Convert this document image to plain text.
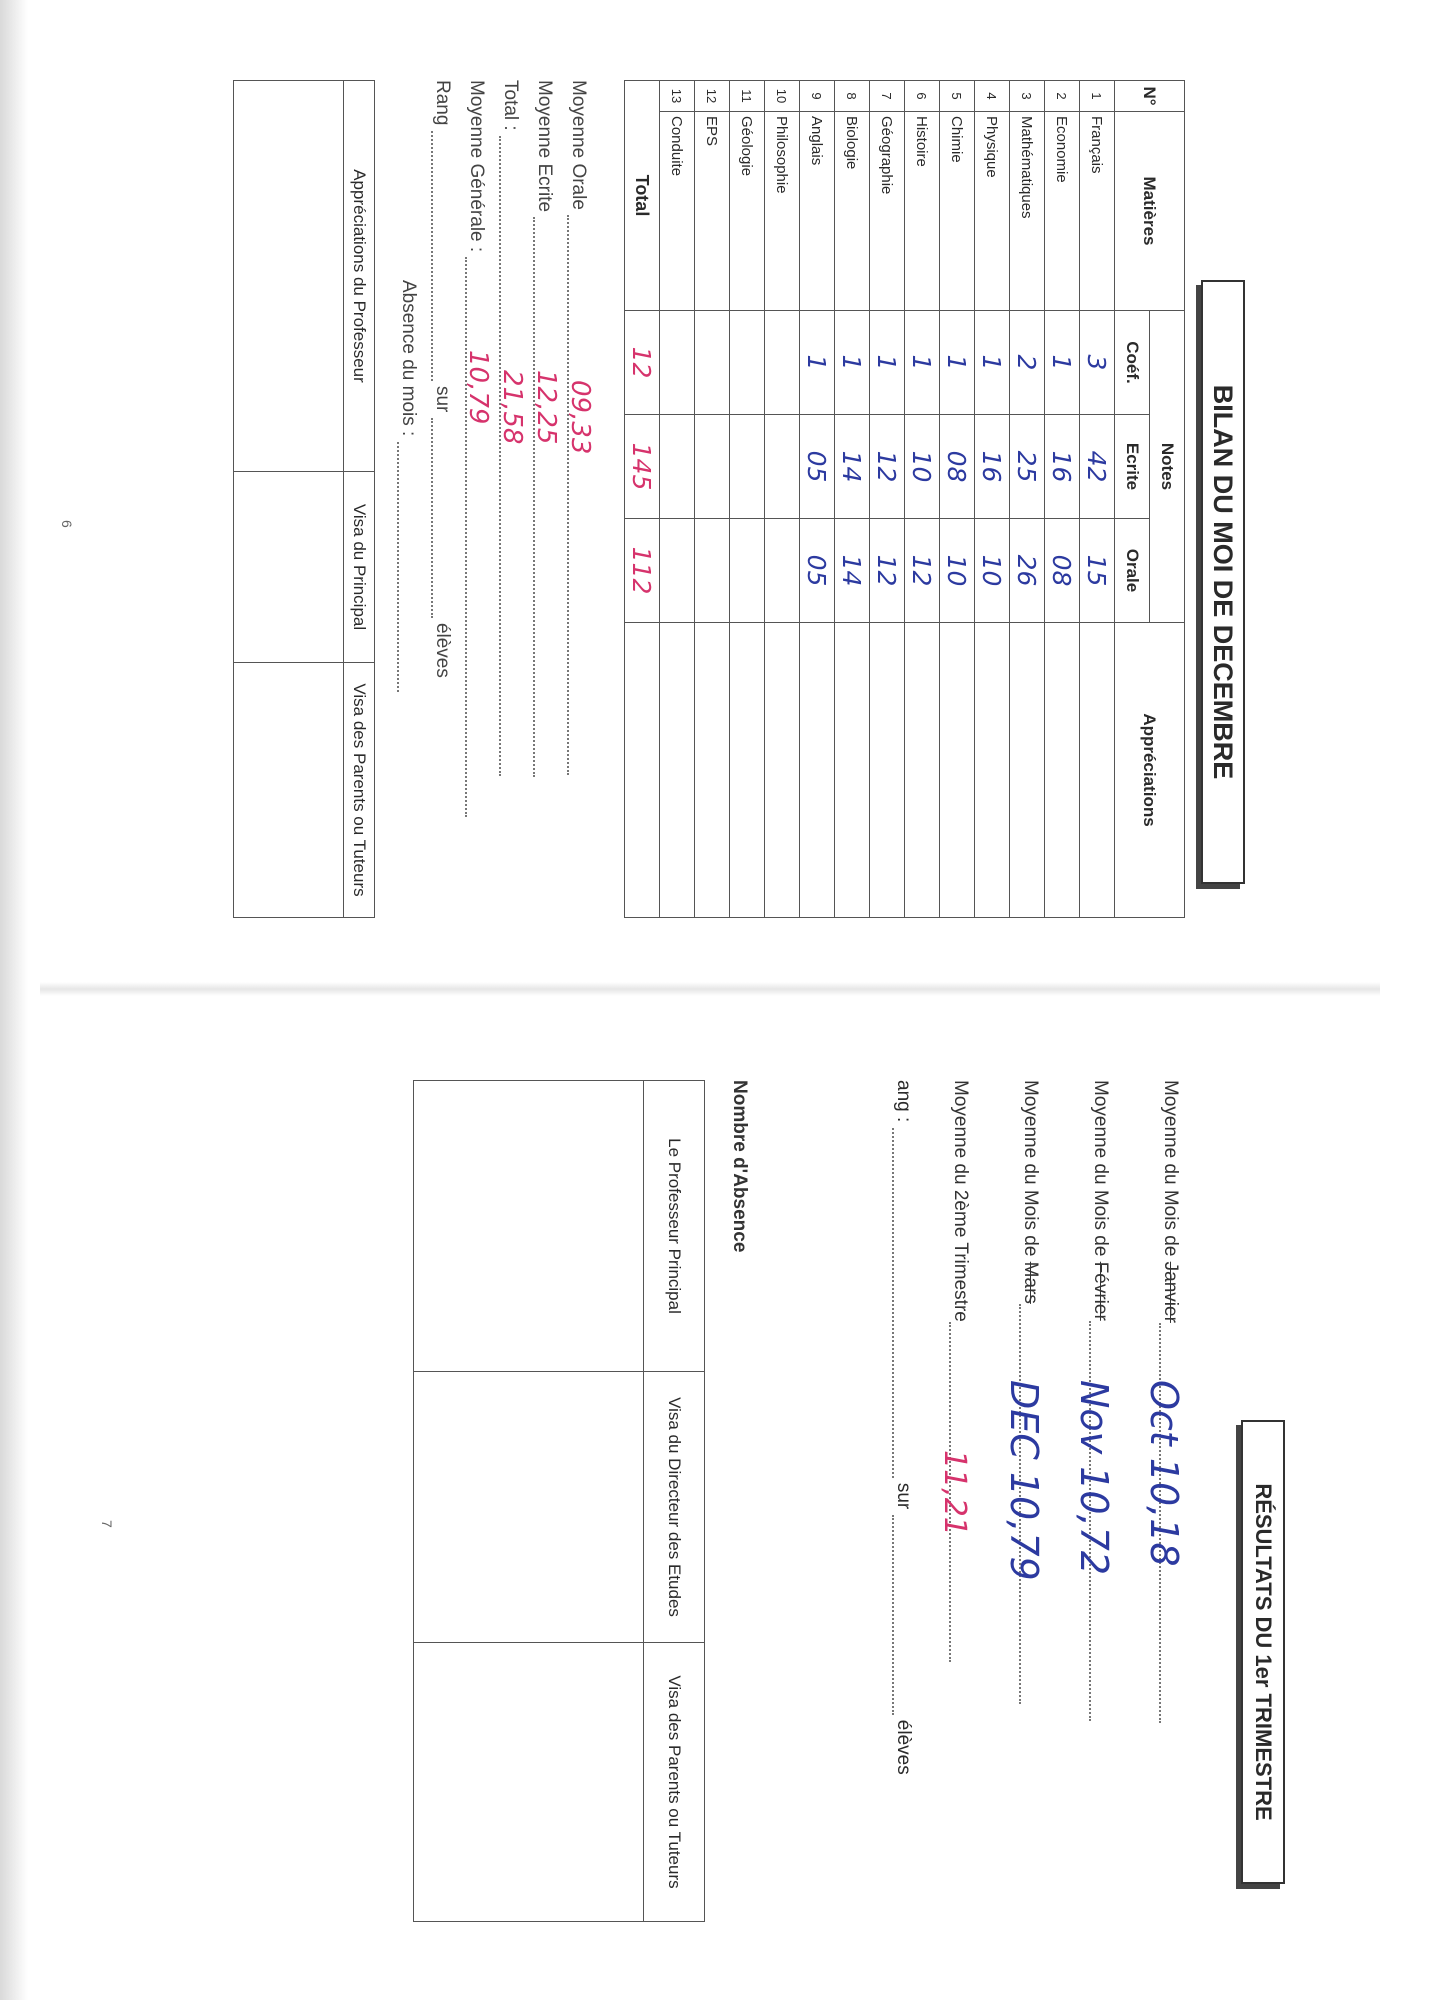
BILAN DU MOI DE DECEMBRE
N°	Matières	Notes			Appréciations
		Coéf.	Ecrite	Orale	
1	Français	3	42	15	
2	Economie	1	16	08	
3	Mathématiques	2	25	26	
4	Physique	1	16	10	
5	Chimie	1	08	10	
6	Histoire	1	10	12	
7	Géographie	1	12	12	
8	Biologie	1	14	14	
9	Anglais	1	05	05	
10	Philosophie				
11	Géologie				
12	EPS				
13	Conduite				
Total		12	145	112	
Moyenne Orale
09,33
Moyenne Ecrite
12,25
Total :
21,58
Moyenne Générale :
10,79
Rang  sur  élèves
Absence du mois :
Appréciations du Professeur
Visa du Principal
Visa des Parents ou Tuteurs
6
RÉSULTATS DU 1er TRIMESTRE
Moyenne du Mois de Janvier
Oct 10,18
Moyenne du Mois de Février
Nov 10,72
Moyenne du Mois de Mars
DEC 10,79
Moyenne du 2ème Trimestre
11,21
ang :  sur  élèves
Nombre d'Absence
Le Professeur Principal
Visa du Directeur des Etudes
Visa des Parents ou Tuteurs
7
